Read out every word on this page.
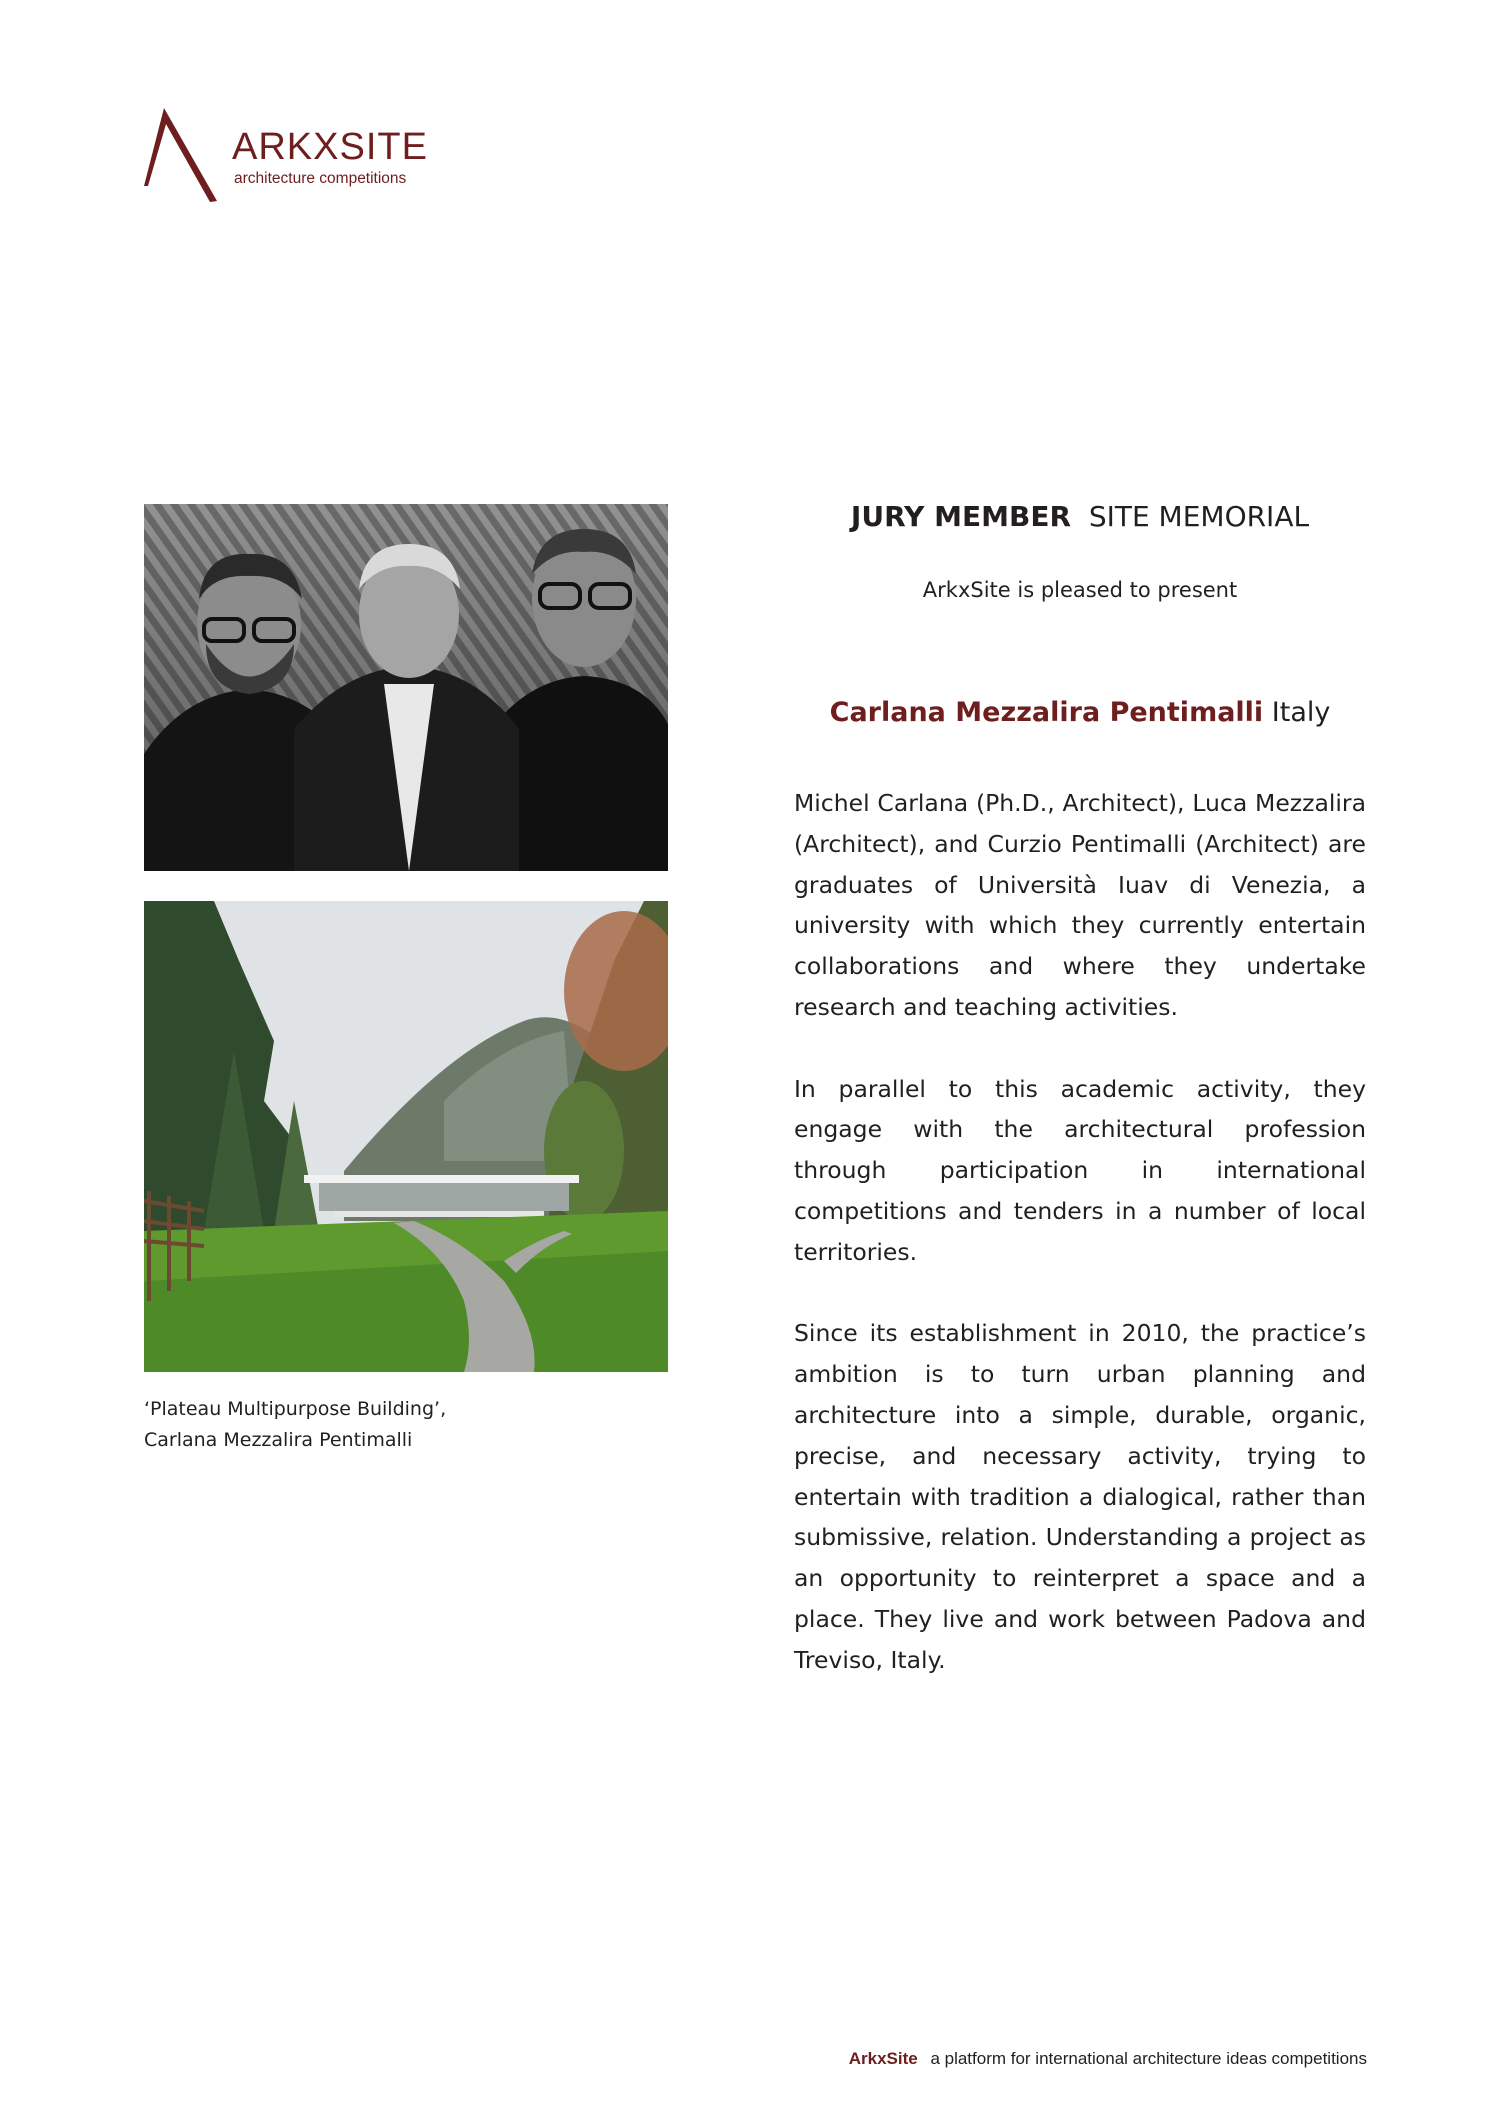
ARKXSITE
architecture competitions
‘Plateau Multipurpose Building’,
Carlana Mezzalira Pentimalli
JURY MEMBER SITE MEMORIAL
ArkxSite is pleased to present
Carlana Mezzalira Pentimalli Italy

Michel Carlana (Ph.D., Architect), Luca Mezzalira (Architect), and Curzio Pentimalli (Architect) are graduates of Università Iuav di Venezia, a university with which they currently entertain collaborations and where they undertake research and teaching activities.

In parallel to this academic activity, they engage with the architectural profession through participation in international competitions and tenders in a number of local territories.

Since its establishment in 2010, the practice’s ambition is to turn urban planning and architecture into a simple, durable, organic, precise, and necessary activity, trying to entertain with tradition a dialogical, rather than submissive, relation. Understanding a project as an opportunity to reinterpret a space and a place. They live and work between Padova and Treviso, Italy.

ArkxSite a platform for international architecture ideas competitions
